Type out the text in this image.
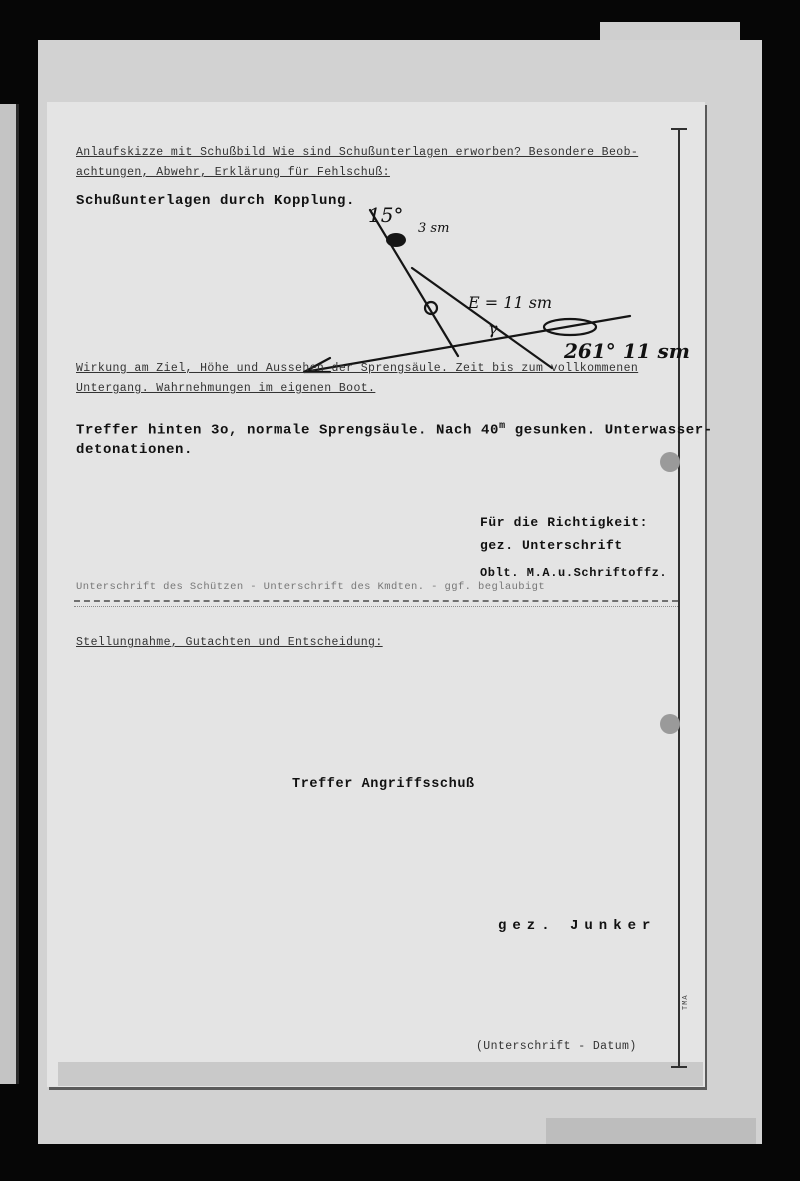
TMA
Anlaufskizze mit Schußbild Wie sind Schußunterlagen erworben? Besondere Beob-
achtungen, Abwehr, Erklärung für Fehlschuß:
Schußunterlagen durch Kopplung.
15°
3 sm
E = 11 sm
γ
261° 11 sm
Wirkung am Ziel, Höhe und Aussehen der Sprengsäule. Zeit bis zum vollkommenen
Untergang. Wahrnehmungen im eigenen Boot.
Treffer hinten 3o, normale Sprengsäule. Nach 40$^m$ gesunken. Unterwasser-
detonationen.
Für die Richtigkeit:
gez. Unterschrift
Oblt. M.A.u.Schriftoffz.
Unterschrift des Schützen - Unterschrift des Kmdten. - ggf. beglaubigt
Stellungnahme, Gutachten und Entscheidung:
Treffer Angriffsschuß
gez. Junker
(Unterschrift - Datum)
